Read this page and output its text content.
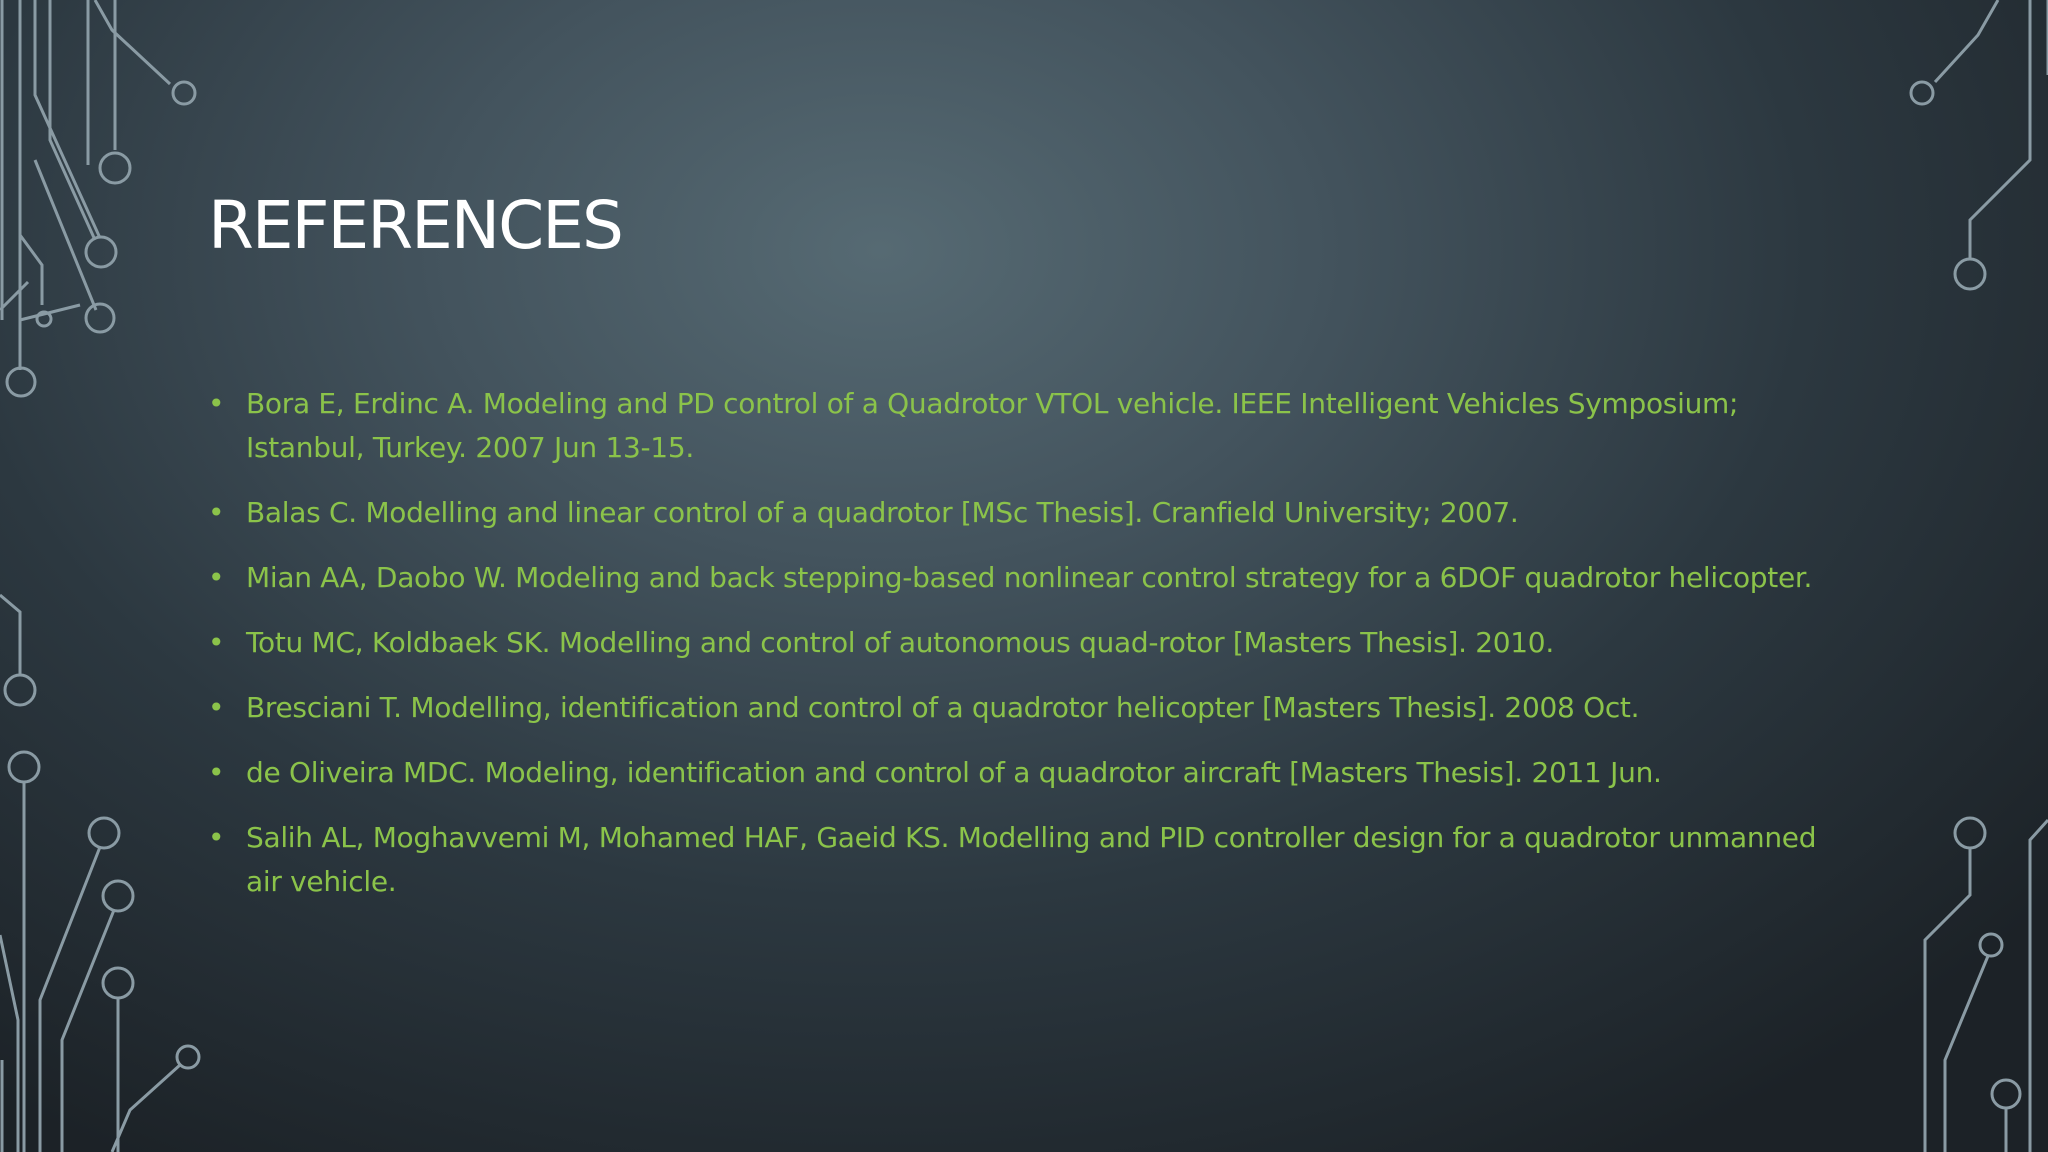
REFERENCES
• Bora E, Erdinc A. Modeling and PD control of a Quadrotor VTOL vehicle. IEEE Intelligent Vehicles Symposium; Istanbul, Turkey. 2007 Jun 13-15.
• Balas C. Modelling and linear control of a quadrotor [MSc Thesis]. Cranfield University; 2007.
• Mian AA, Daobo W. Modeling and back stepping-based nonlinear control strategy for a 6DOF quadrotor helicopter.
• Totu MC, Koldbaek SK. Modelling and control of autonomous quad-rotor [Masters Thesis]. 2010.
• Bresciani T. Modelling, identification and control of a quadrotor helicopter [Masters Thesis]. 2008 Oct.
• de Oliveira MDC. Modeling, identification and control of a quadrotor aircraft [Masters Thesis]. 2011 Jun.
• Salih AL, Moghavvemi M, Mohamed HAF, Gaeid KS. Modelling and PID controller design for a quadrotor unmanned air vehicle.
